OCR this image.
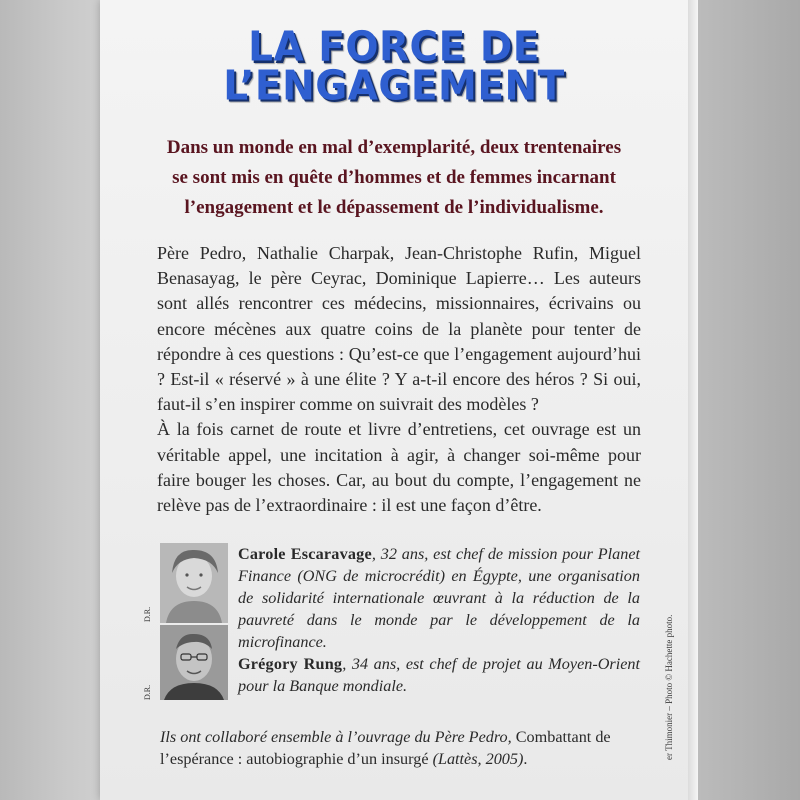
LA FORCE DE
L’ENGAGEMENT
Dans un monde en mal d’exemplarité, deux trentenaires
se sont mis en quête d’hommes et de femmes incarnant
l’engagement et le dépassement de l’individualisme.

Père Pedro, Nathalie Charpak, Jean-Christophe Rufin, Miguel Benasayag, le père Ceyrac, Dominique Lapierre… Les auteurs sont allés rencontrer ces médecins, missionnaires, écrivains ou encore mécènes aux quatre coins de la planète pour tenter de répondre à ces questions : Qu’est-ce que l’engagement aujourd’hui ? Est-il « réservé » à une élite ? Y a-t-il encore des héros ? Si oui, faut-il s’en inspirer comme on suivrait des modèles ?

À la fois carnet de route et livre d’entretiens, cet ouvrage est un véritable appel, une incitation à agir, à changer soi-même pour faire bouger les choses. Car, au bout du compte, l’engagement ne relève pas de l’extraordinaire : il est une façon d’être.

D.R.
D.R.
Carole Escaravage, 32 ans, est chef de mission pour Planet Finance (ONG de microcrédit) en Égypte, une organisation de solidarité internationale œuvrant à la réduction de la pauvreté dans le monde par le développement de la microfinance.
Grégory Rung, 34 ans, est chef de projet au Moyen-Orient pour la Banque mondiale.
Ils ont collaboré ensemble à l’ouvrage du Père Pedro, Combattant de l’espérance : autobiographie d’un insurgé (Lattès, 2005).	er Thimonier – Photo © Hachette photo.
